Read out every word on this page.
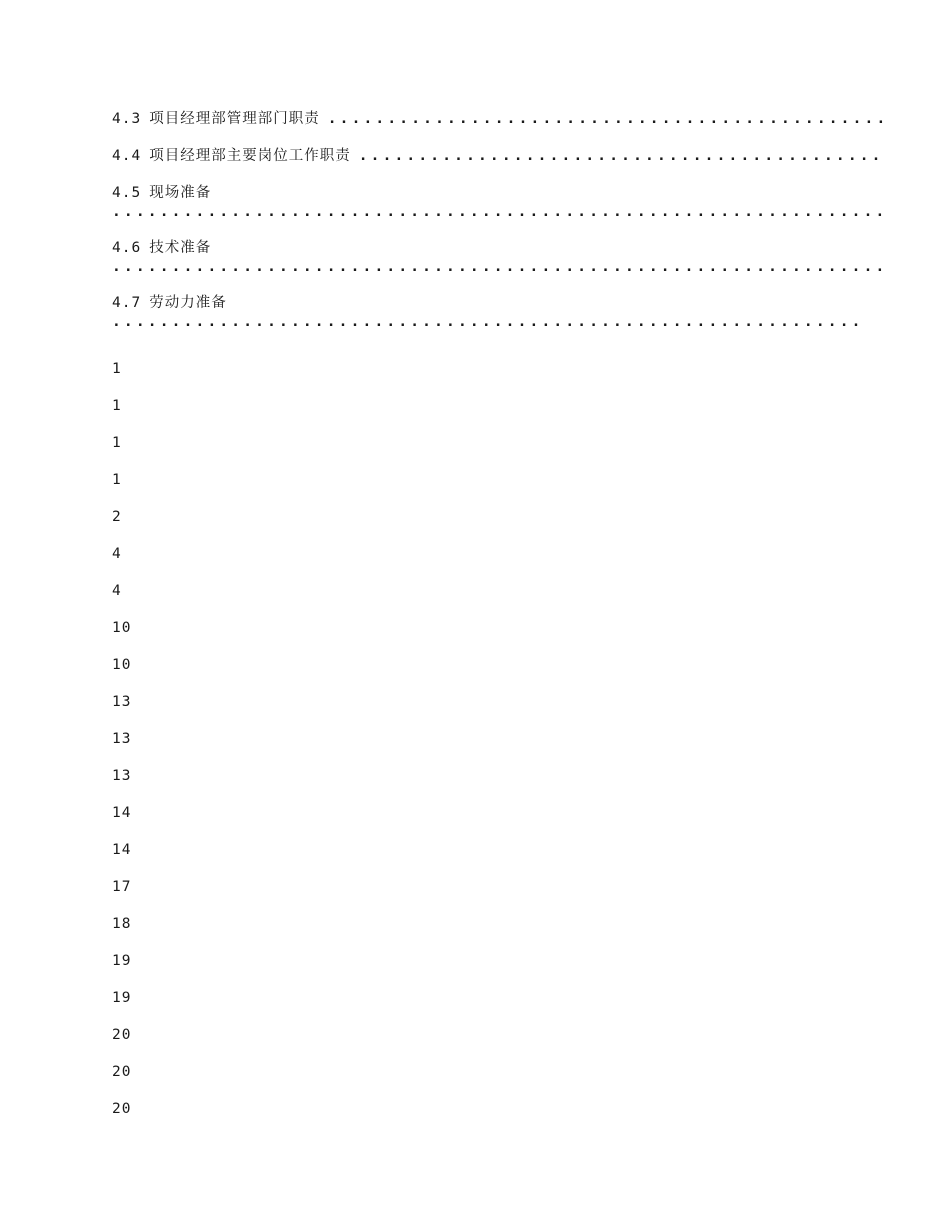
4.3 项目经理部管理部门职责 ...............................................
4.4 项目经理部主要岗位工作职责 ............................................
4.5 现场准备
.................................................................
4.6 技术准备
.................................................................
4.7 劳动力准备
...............................................................
1
1
1
1
2
4
4
10
10
13
13
13
14
14
17
18
19
19
20
20
20
